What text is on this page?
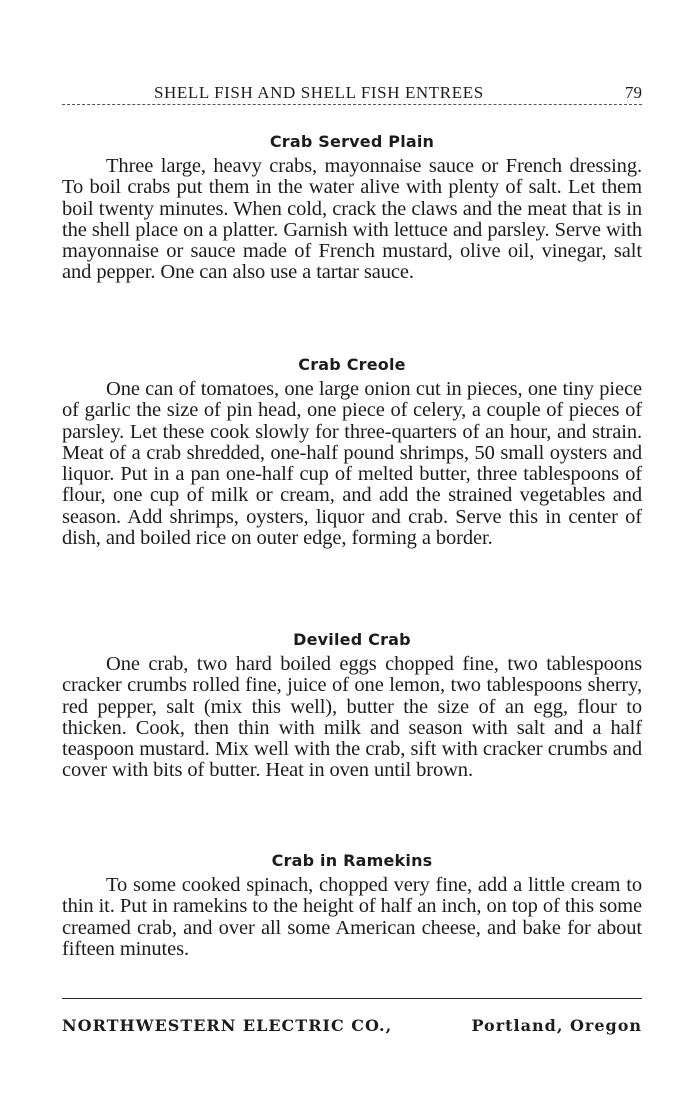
SHELL FISH AND SHELL FISH ENTREES	79
Crab Served Plain

Three large, heavy crabs, mayonnaise sauce or French dressing. To boil crabs put them in the water alive with plenty of salt. Let them boil twenty minutes. When cold, crack the claws and the meat that is in the shell place on a platter. Garnish with lettuce and parsley. Serve with mayonnaise or sauce made of French mustard, olive oil, vinegar, salt and pepper. One can also use a tartar sauce.

Crab Creole

One can of tomatoes, one large onion cut in pieces, one tiny piece of garlic the size of pin head, one piece of celery, a couple of pieces of parsley. Let these cook slowly for three-quarters of an hour, and strain. Meat of a crab shredded, one-half pound shrimps, 50 small oysters and liquor. Put in a pan one-half cup of melted butter, three tablespoons of flour, one cup of milk or cream, and add the strained vegetables and season. Add shrimps, oysters, liquor and crab. Serve this in center of dish, and boiled rice on outer edge, forming a border.

Deviled Crab

One crab, two hard boiled eggs chopped fine, two tablespoons cracker crumbs rolled fine, juice of one lemon, two tablespoons sherry, red pepper, salt (mix this well), butter the size of an egg, flour to thicken. Cook, then thin with milk and season with salt and a half teaspoon mustard. Mix well with the crab, sift with cracker crumbs and cover with bits of butter. Heat in oven until brown.

Crab in Ramekins

To some cooked spinach, chopped very fine, add a little cream to thin it. Put in ramekins to the height of half an inch, on top of this some creamed crab, and over all some American cheese, and bake for about fifteen minutes.

NORTHWESTERN ELECTRIC CO.,	Portland, Oregon
